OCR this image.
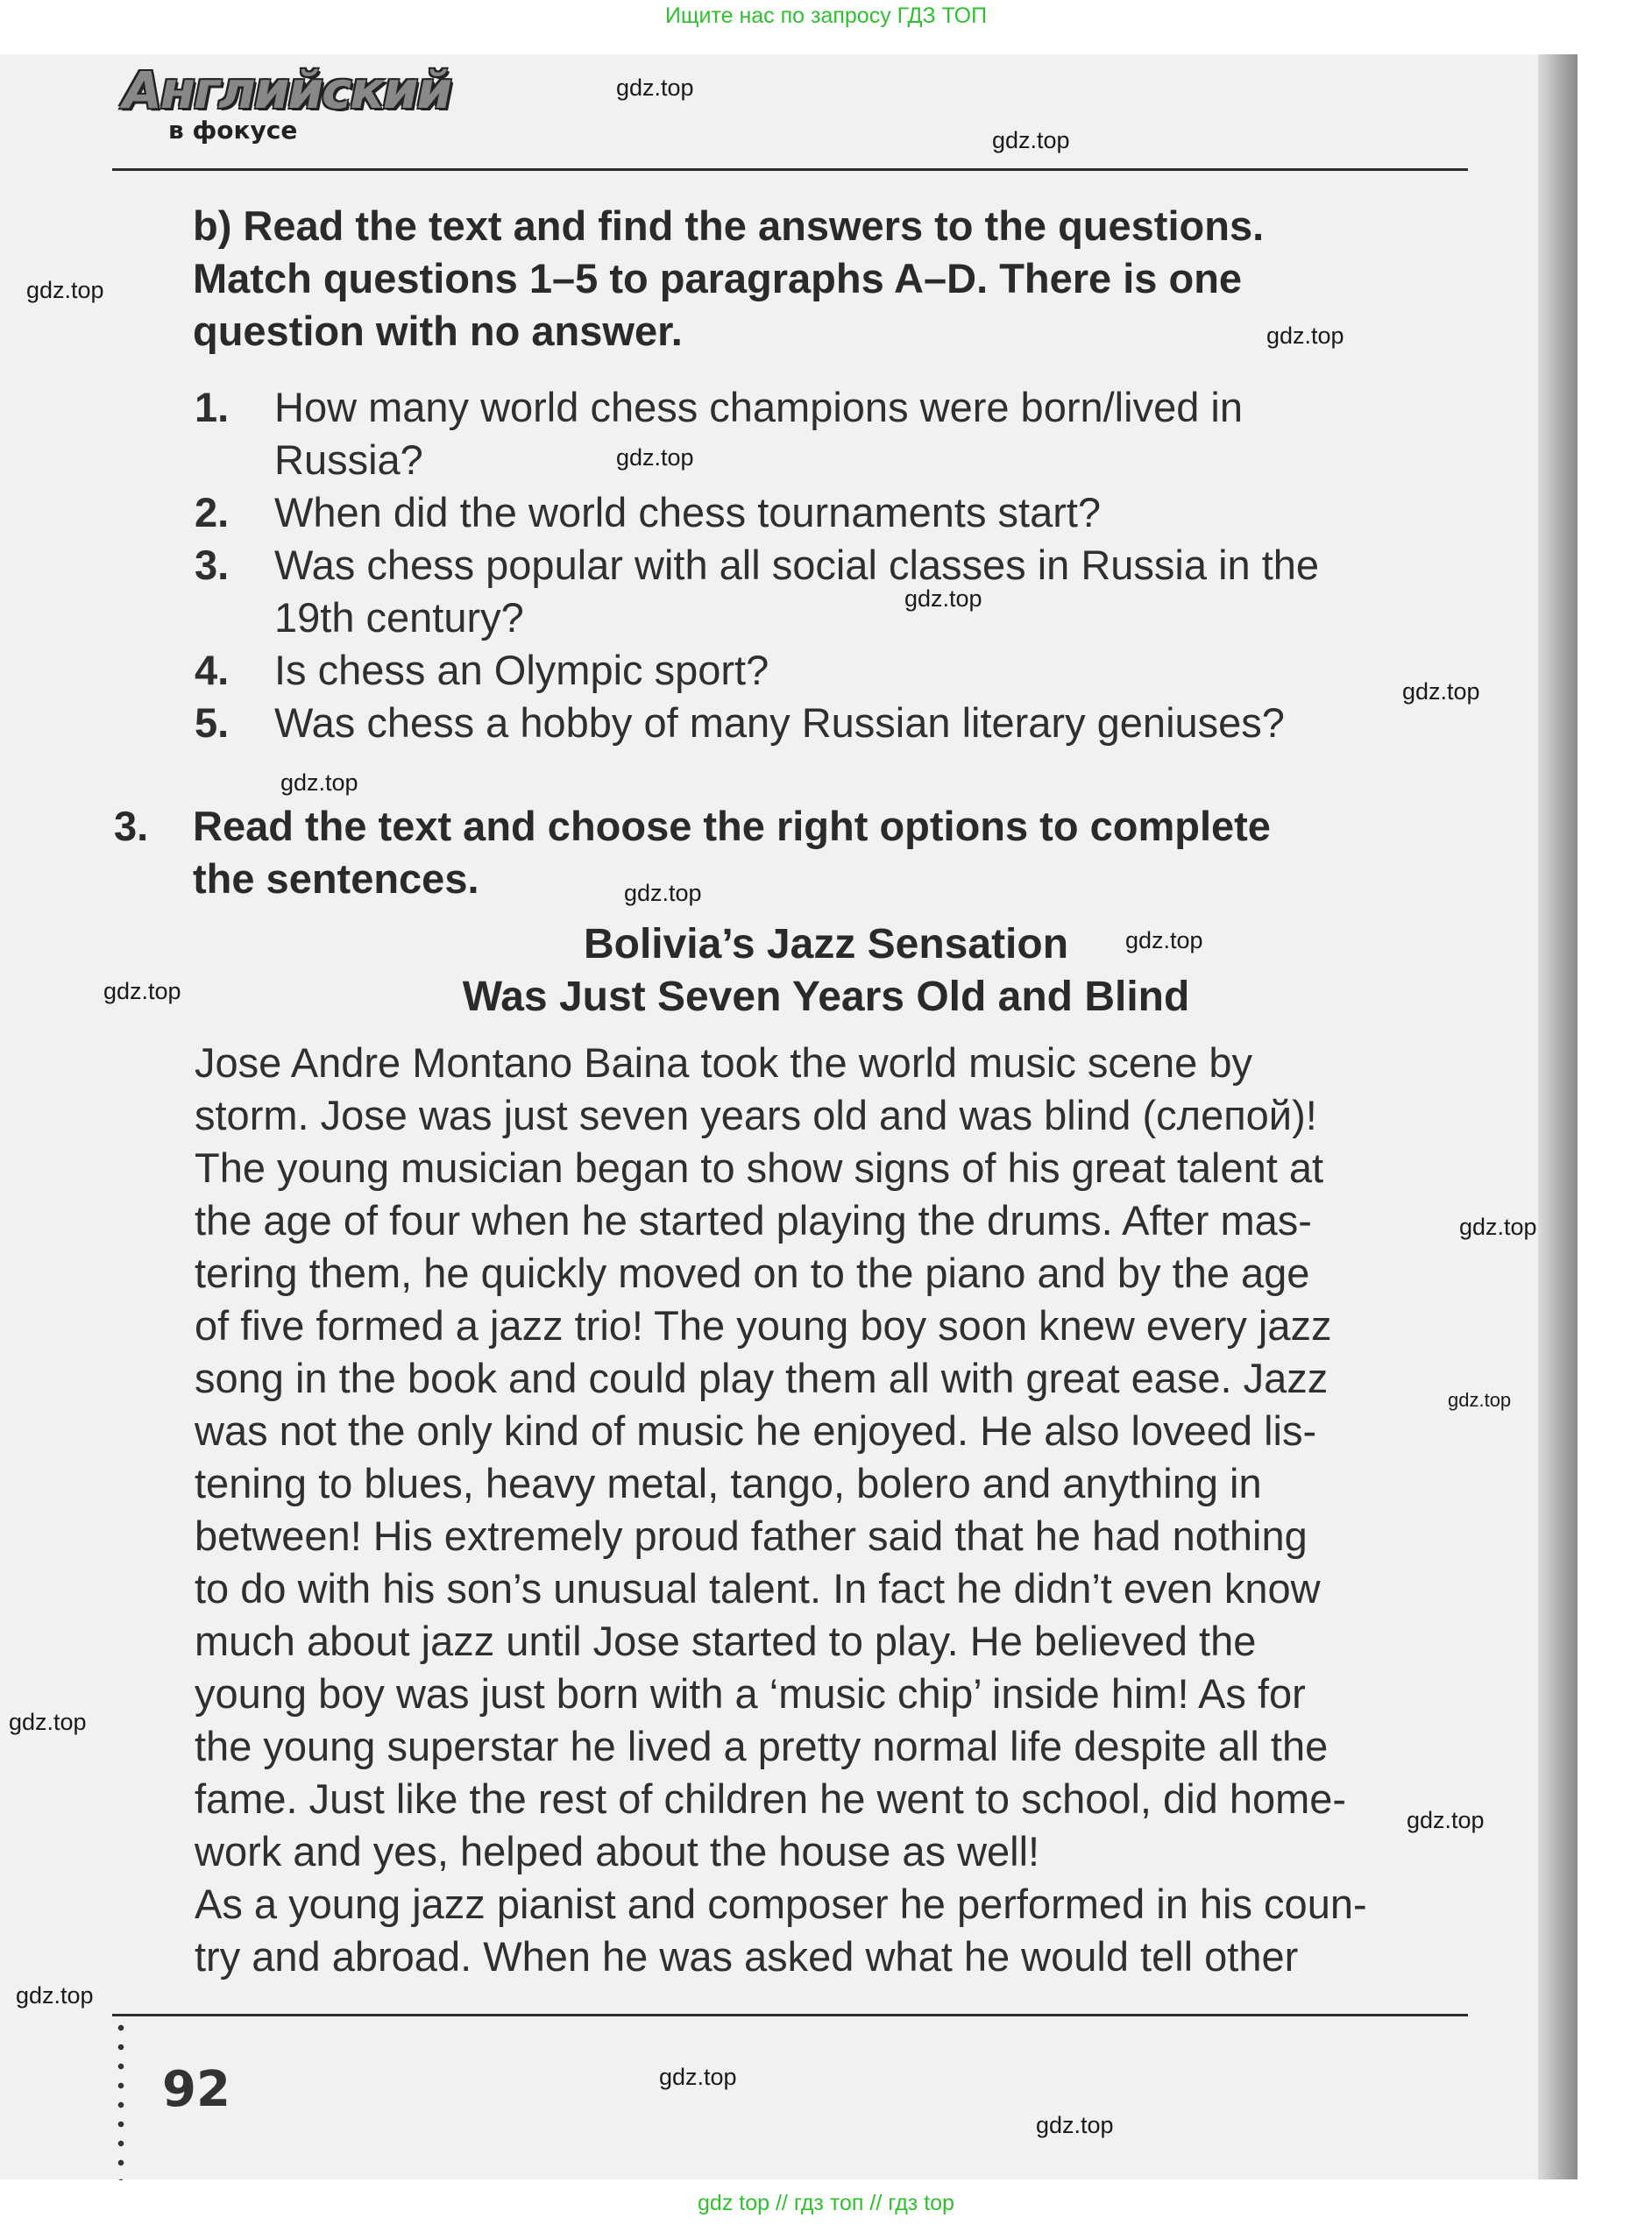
Ищите нас по запросу ГДЗ ТОП
Английский
в фокусе
b) Read the text and find the answers to the questions.
Match questions 1–5 to paragraphs A–D. There is one
question with no answer.
1. How many world chess champions were born/lived in
Russia?
2. When did the world chess tournaments start?
3. Was chess popular with all social classes in Russia in the
19th century?
4. Is chess an Olympic sport?
5. Was chess a hobby of many Russian literary geniuses?
3. Read the text and choose the right options to complete
the sentences.
Bolivia’s Jazz Sensation
Was Just Seven Years Old and Blind
Jose Andre Montano Baina took the world music scene by
storm. Jose was just seven years old and was blind (слепой)!
The young musician began to show signs of his great talent at
the age of four when he started playing the drums. After mas-
tering them, he quickly moved on to the piano and by the age
of five formed a jazz trio! The young boy soon knew every jazz
song in the book and could play them all with great ease. Jazz
was not the only kind of music he enjoyed. He also loveed lis-
tening to blues, heavy metal, tango, bolero and anything in
between! His extremely proud father said that he had nothing
to do with his son’s unusual talent. In fact he didn’t even know
much about jazz until Jose started to play. He believed the
young boy was just born with a ‘music chip’ inside him! As for
the young superstar he lived a pretty normal life despite all the
fame. Just like the rest of children he went to school, did home-
work and yes, helped about the house as well!
As a young jazz pianist and composer he performed in his coun-
try and abroad. When he was asked what he would tell other
92
gdz.top
gdz.top
gdz.top
gdz.top
gdz.top
gdz.top
gdz.top
gdz.top
gdz.top
gdz.top
gdz.top
gdz.top
gdz.top
gdz.top
gdz.top
gdz.top
gdz.top
gdz.top
gdz top // гдз топ // гдз top
